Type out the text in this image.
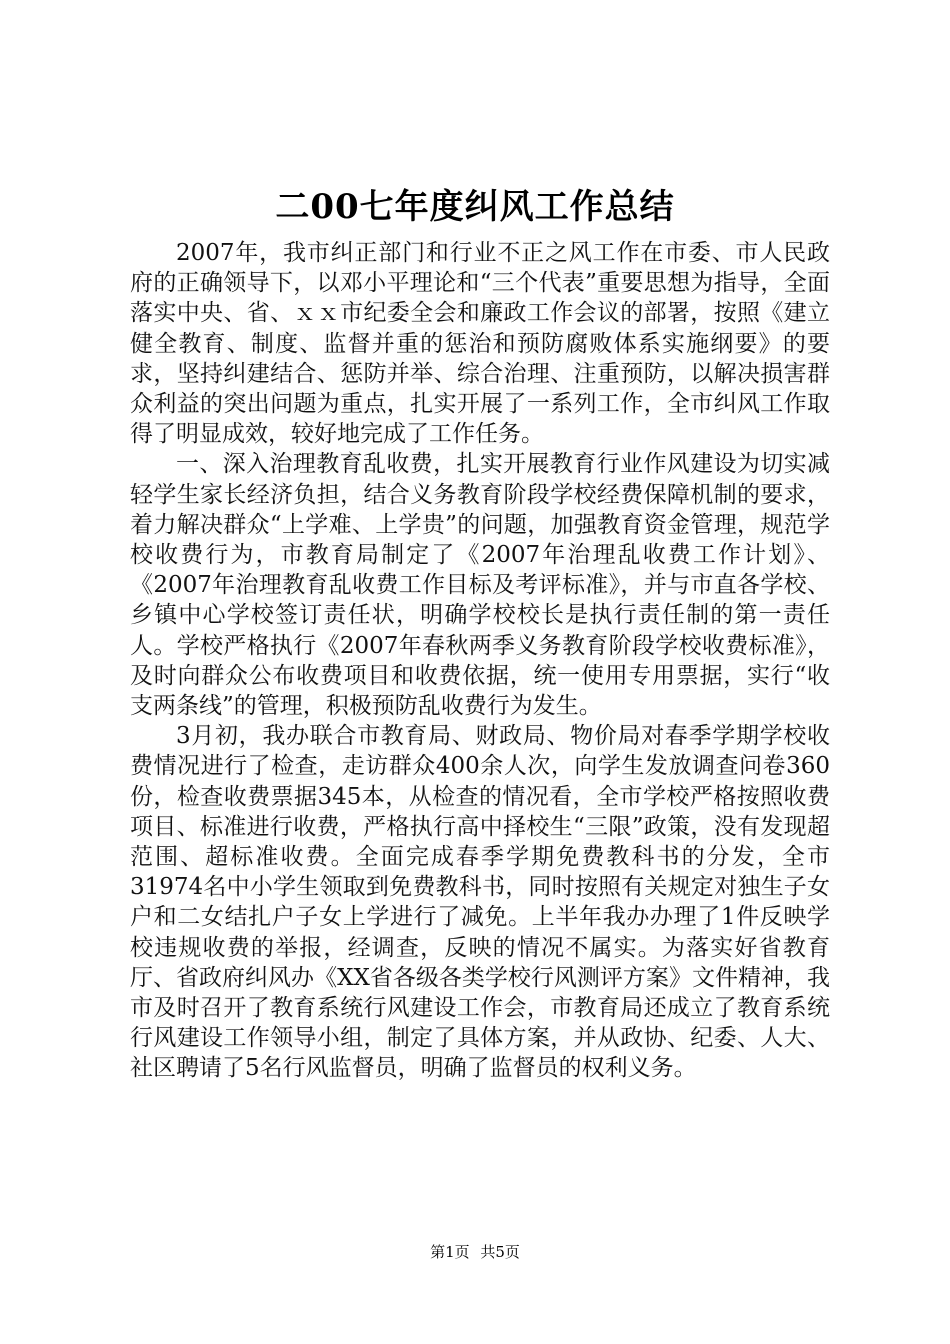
二00七年度纠风工作总结

2007年，我市纠正部门和行业不正之风工作在市委、市人民政府的正确领导下，以邓小平理论和“三个代表”重要思想为指导，全面落实中央、省、ｘｘ市纪委全会和廉政工作会议的部署，按照《建立健全教育、制度、监督并重的惩治和预防腐败体系实施纲要》的要求，坚持纠建结合、惩防并举、综合治理、注重预防，以解决损害群众利益的突出问题为重点，扎实开展了一系列工作，全市纠风工作取得了明显成效，较好地完成了工作任务。

一、深入治理教育乱收费，扎实开展教育行业作风建设为切实减轻学生家长经济负担，结合义务教育阶段学校经费保障机制的要求，着力解决群众“上学难、上学贵”的问题，加强教育资金管理，规范学校收费行为，市教育局制定了《2007年治理乱收费工作计划》、《2007年治理教育乱收费工作目标及考评标准》，并与市直各学校、乡镇中心学校签订责任状，明确学校校长是执行责任制的第一责任人。学校严格执行《2007年春秋两季义务教育阶段学校收费标准》，及时向群众公布收费项目和收费依据，统一使用专用票据，实行“收支两条线”的管理，积极预防乱收费行为发生。

3月初，我办联合市教育局、财政局、物价局对春季学期学校收费情况进行了检查，走访群众400余人次，向学生发放调查问卷360份，检查收费票据345本，从检查的情况看，全市学校严格按照收费项目、标准进行收费，严格执行高中择校生“三限”政策，没有发现超范围、超标准收费。全面完成春季学期免费教科书的分发，全市31974名中小学生领取到免费教科书，同时按照有关规定对独生子女户和二女结扎户子女上学进行了减免。上半年我办办理了1件反映学校违规收费的举报，经调查，反映的情况不属实。为落实好省教育厅、省政府纠风办《XX省各级各类学校行风测评方案》文件精神，我市及时召开了教育系统行风建设工作会，市教育局还成立了教育系统行风建设工作领导小组，制定了具体方案，并从政协、纪委、人大、社区聘请了5名行风监督员，明确了监督员的权利义务。

第1页 共5页
